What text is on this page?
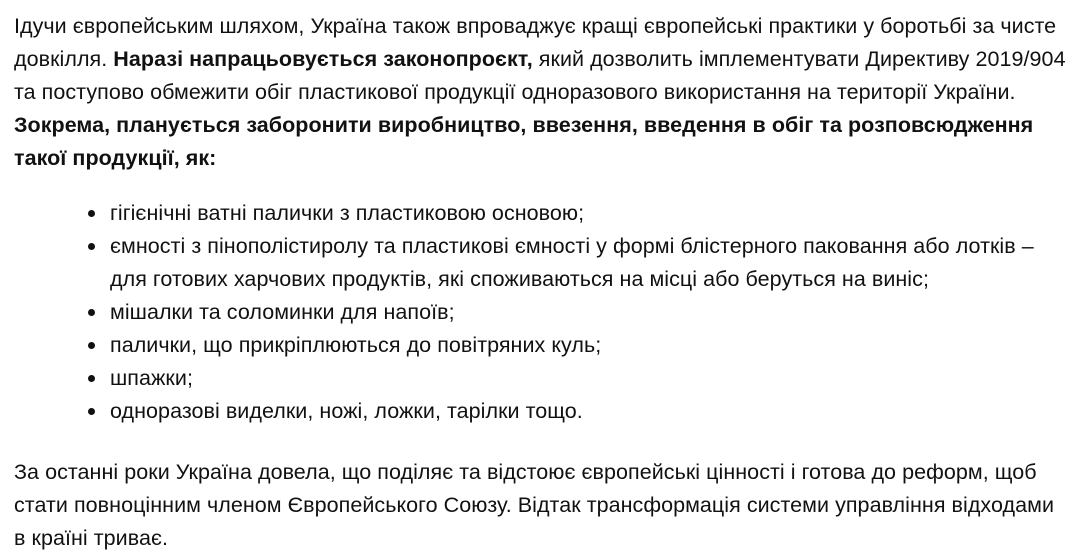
Ідучи європейським шляхом, Україна також впроваджує кращі європейські практики у боротьбі за чисте довкілля. Наразі напрацьовується законопроєкт, який дозволить імплементувати Директиву 2019/904 та поступово обмежити обіг пластикової продукції одноразового використання на території України. Зокрема, планується заборонити виробництво, ввезення, введення в обіг та розповсюдження такої продукції, як:

гігієнічні ватні палички з пластиковою основою;
ємності з пінополістиролу та пластикові ємності у формі блістерного паковання або лотків – для готових харчових продуктів, які споживаються на місці або беруться на виніс;
мішалки та соломинки для напоїв;
палички, що прикріплюються до повітряних куль;
шпажки;
одноразові виделки, ножі, ложки, тарілки тощо.

За останні роки Україна довела, що поділяє та відстоює європейські цінності і готова до реформ, щоб стати повноцінним членом Європейського Союзу. Відтак трансформація системи управління відходами в країні триває.
